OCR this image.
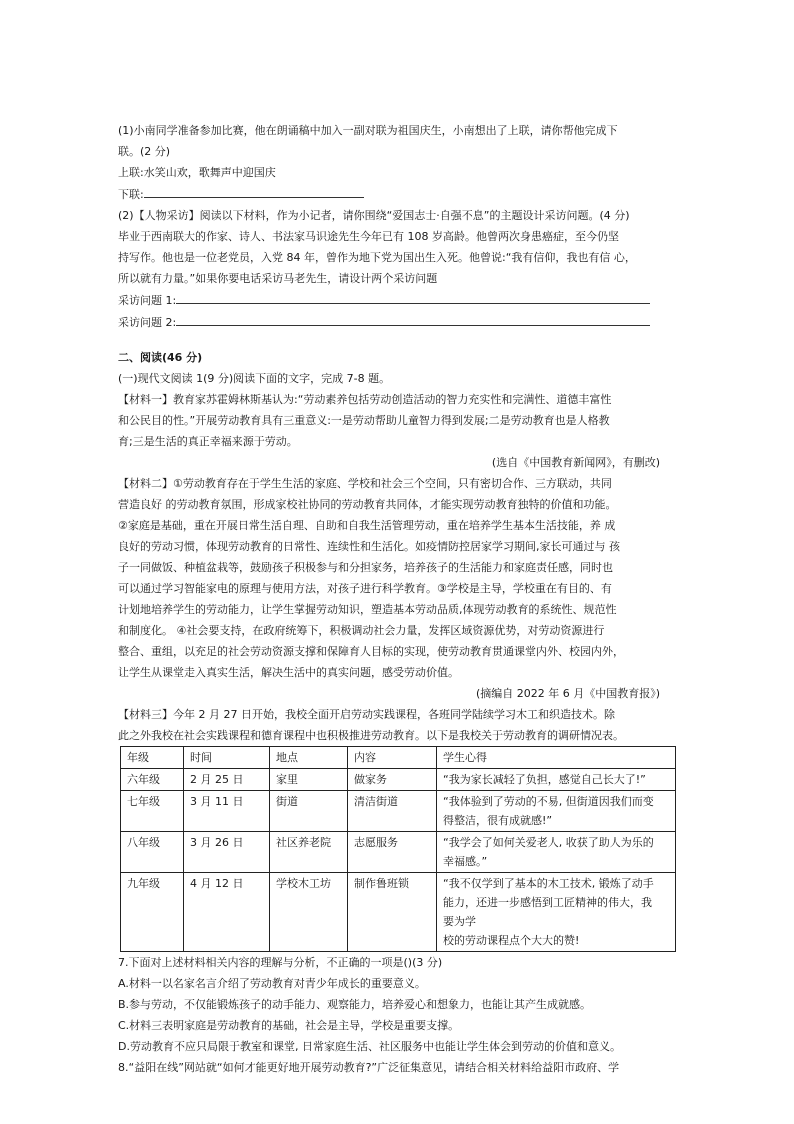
(1)小南同学准备参加比赛，他在朗诵稿中加入一副对联为祖国庆生，小南想出了上联，请你帮他完成下
联。(2 分)
上联:水笑山欢，歌舞声中迎国庆
下联:
(2)【人物采访】阅读以下材料，作为小记者，请你围绕“爱国志士·自强不息”的主题设计采访问题。(4 分)
毕业于西南联大的作家、诗人、书法家马识途先生今年已有 108 岁高龄。他曾两次身患癌症，至今仍坚
持写作。他也是一位老党员，入党 84 年，曾作为地下党为国出生入死。他曾说:“我有信仰，我也有信 心，
所以就有力量。”如果你要电话采访马老先生，请设计两个采访问题
采访问题 1:
采访问题 2:
二、阅读(46 分)
(一)现代文阅读 1(9 分)阅读下面的文字，完成 7-8 题。
【材料一】教育家苏霍姆林斯基认为:“劳动素养包括劳动创造活动的智力充实性和完满性、道德丰富性
和公民目的性。”开展劳动教育具有三重意义:一是劳动帮助儿童智力得到发展;二是劳动教育也是人格教
育;三是生活的真正幸福来源于劳动。
(选自《中国教育新闻网》，有删改)
【材料二】①劳动教育存在于学生生活的家庭、学校和社会三个空间，只有密切合作、三方联动，共同
营造良好 的劳动教育氛围，形成家校社协同的劳动教育共同体，才能实现劳动教育独特的价值和功能。
②家庭是基础，重在开展日常生活自理、自助和自我生活管理劳动，重在培养学生基本生活技能，养 成
良好的劳动习惯，体现劳动教育的日常性、连续性和生活化。如疫情防控居家学习期间,家长可通过与 孩
子一同做饭、种植盆栽等，鼓励孩子积极参与和分担家务，培养孩子的生活能力和家庭责任感，同时也
可以通过学习智能家电的原理与使用方法，对孩子进行科学教育。③学校是主导，学校重在有目的、有
计划地培养学生的劳动能力，让学生掌握劳动知识，塑造基本劳动品质,体现劳动教育的系统性、规范性
和制度化。 ④社会要支持，在政府统筹下，积极调动社会力量，发挥区域资源优势，对劳动资源进行
整合、重组，以充足的社会劳动资源支撑和保障育人目标的实现，使劳动教育贯通课堂内外、校园内外，
让学生从课堂走入真实生活，解决生活中的真实问题，感受劳动价值。
(摘编自 2022 年 6 月《中国教育报》)
【材料三】今年 2 月 27 日开始，我校全面开启劳动实践课程，各班同学陆续学习木工和织造技术。除
此之外我校在社会实践课程和德育课程中也积极推进劳动教育。以下是我校关于劳动教育的调研情况表。
年级	时间	地点	内容	学生心得
六年级	2 月 25 日	家里	做家务	“我为家长减轻了负担，感觉自己长大了!”

七年级	3 月 11 日	街道	清洁街道	“我体验到了劳动的不易, 但街道因我们而变
得整洁，很有成就感!”

八年级	3 月 26 日	社区养老院	志愿服务	“我学会了如何关爱老人, 收获了助人为乐的
幸福感。”

九年级	4 月 12 日	学校木工坊	制作鲁班锁	“我不仅学到了基本的木工技术, 锻炼了动手
能力，还进一步感悟到工匠精神的伟大，我
要为学
校的劳动课程点个大大的赞!
7.下面对上述材料相关内容的理解与分析，不正确的一项是()(3 分)
A.材料一以名家名言介绍了劳动教育对青少年成长的重要意义。
B.参与劳动，不仅能锻炼孩子的动手能力、观察能力，培养爱心和想象力，也能让其产生成就感。
C.材料三表明家庭是劳动教育的基础，社会是主导，学校是重要支撑。
D.劳动教育不应只局限于教室和课堂, 日常家庭生活、社区服务中也能让学生体会到劳动的价值和意义。
8.“益阳在线”网站就“如何才能更好地开展劳动教育?”广泛征集意见，请结合相关材料给益阳市政府、学
